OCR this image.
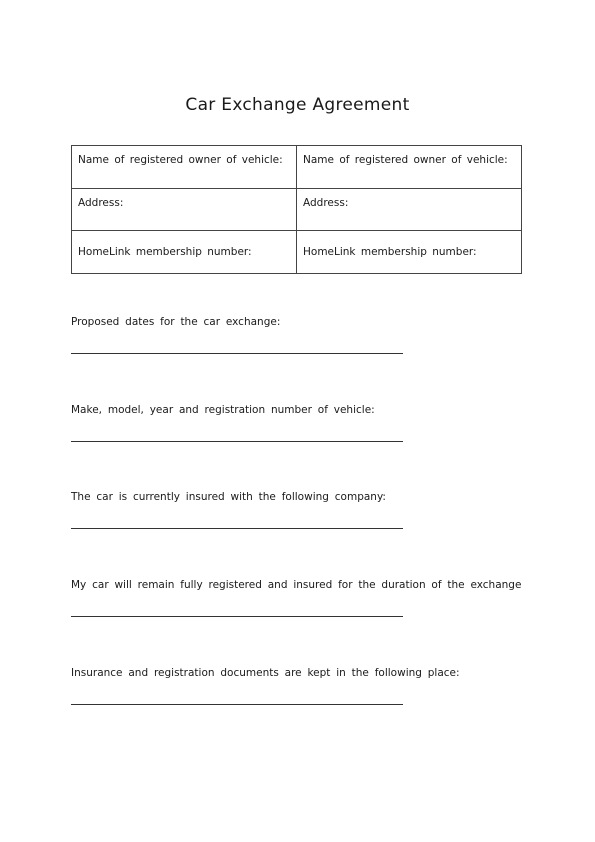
Car Exchange Agreement
Name of registered owner of vehicle:	Name of registered owner of vehicle:
Address:	Address:
HomeLink membership number:	HomeLink membership number:
Proposed dates for the car exchange:
Make, model, year and registration number of vehicle:
The car is currently insured with the following company:
My car will remain fully registered and insured for the duration of the exchange
Insurance and registration documents are kept in the following place:
